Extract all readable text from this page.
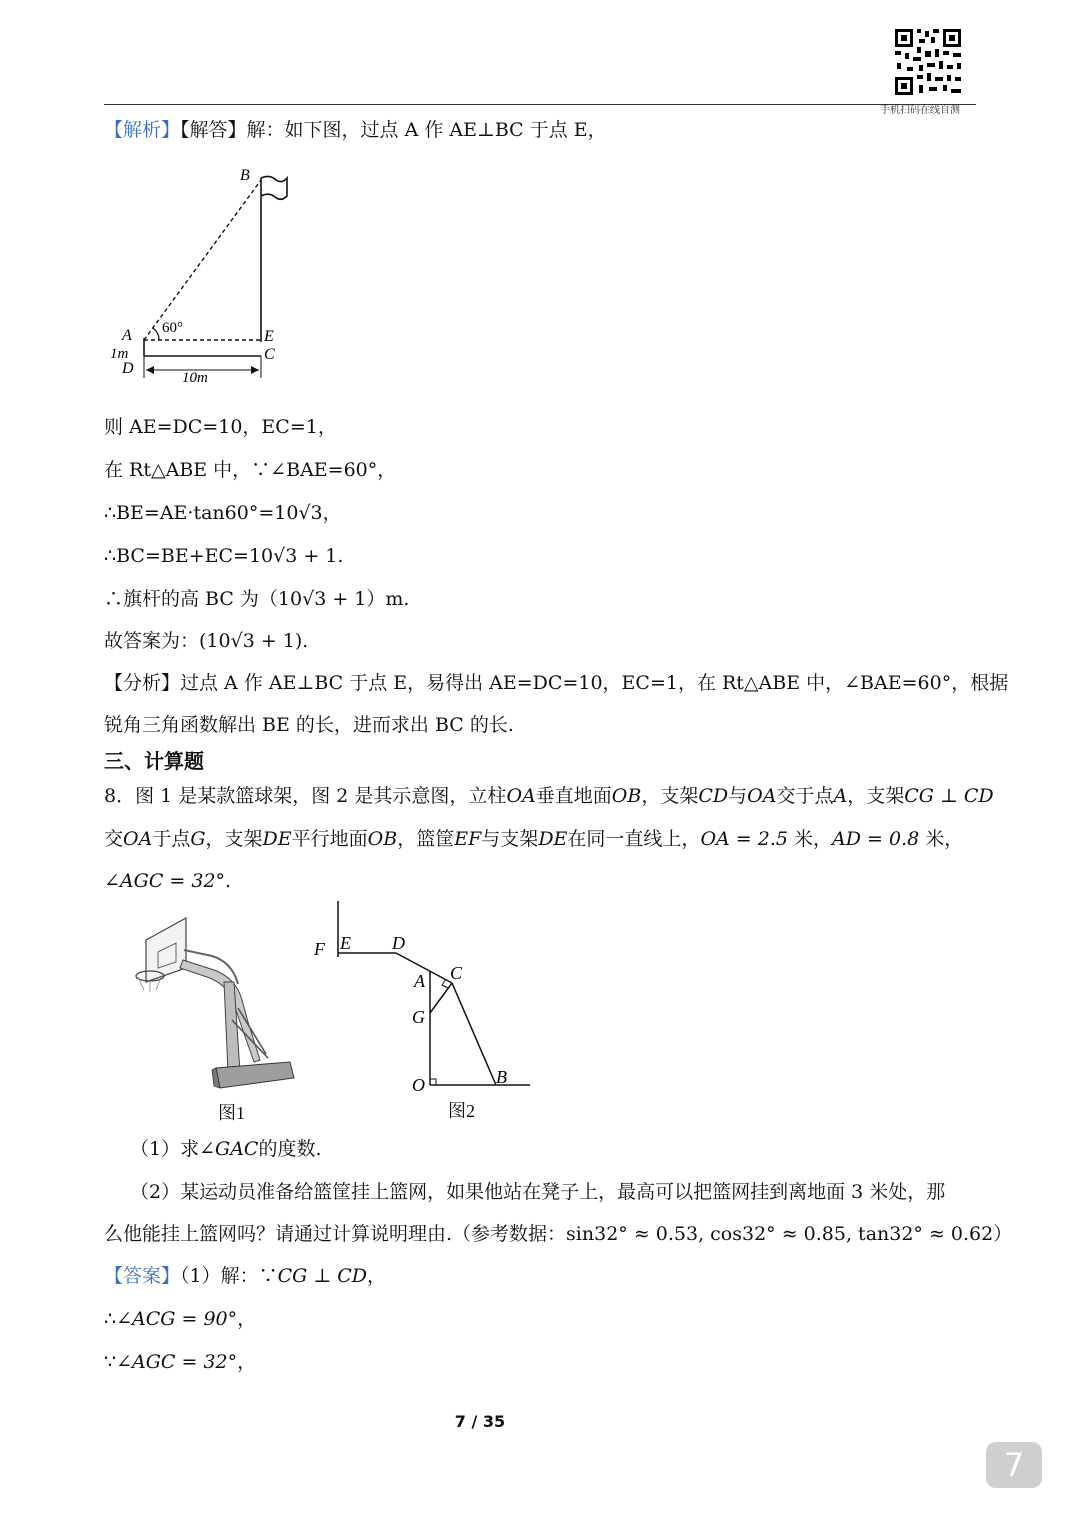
手机扫码在线自测
【解析】【解答】解：如下图，过点 A 作 AE⊥BC 于点 E，
B
A 60°	E
C
D
1m
10m
则 AE=DC=10，EC=1，
在 Rt△ABE 中，∵∠BAE=60°，
∴BE=AE·tan60°=10√3，
∴BC=BE+EC=10√3 + 1.
∴旗杆的高 BC 为（10√3 + 1）m.
故答案为：(10√3 + 1).
【分析】过点 A 作 AE⊥BC 于点 E，易得出 AE=DC=10，EC=1，在 Rt△ABE 中，∠BAE=60°，根据
锐角三角函数解出 BE 的长，进而求出 BC 的长.
三、计算题
8．图 1 是某款篮球架，图 2 是其示意图，立柱OA垂直地面OB，支架CD与OA交于点A，支架CG ⊥ CD
交OA于点G，支架DE平行地面OB，篮筐EF与支架DE在同一直线上，OA = 2.5 米，AD = 0.8 米，
∠AGC = 32°.
图1
F E D
A C
G
O	B
图2
（1）求∠GAC的度数.
（2）某运动员准备给篮筐挂上篮网，如果他站在凳子上，最高可以把篮网挂到离地面 3 米处，那
么他能挂上篮网吗？请通过计算说明理由.（参考数据：sin32° ≈ 0.53, cos32° ≈ 0.85, tan32° ≈ 0.62）
【答案】（1）解：∵CG ⊥ CD，
∴∠ACG = 90°，
∵∠AGC = 32°，
7 / 35
7
